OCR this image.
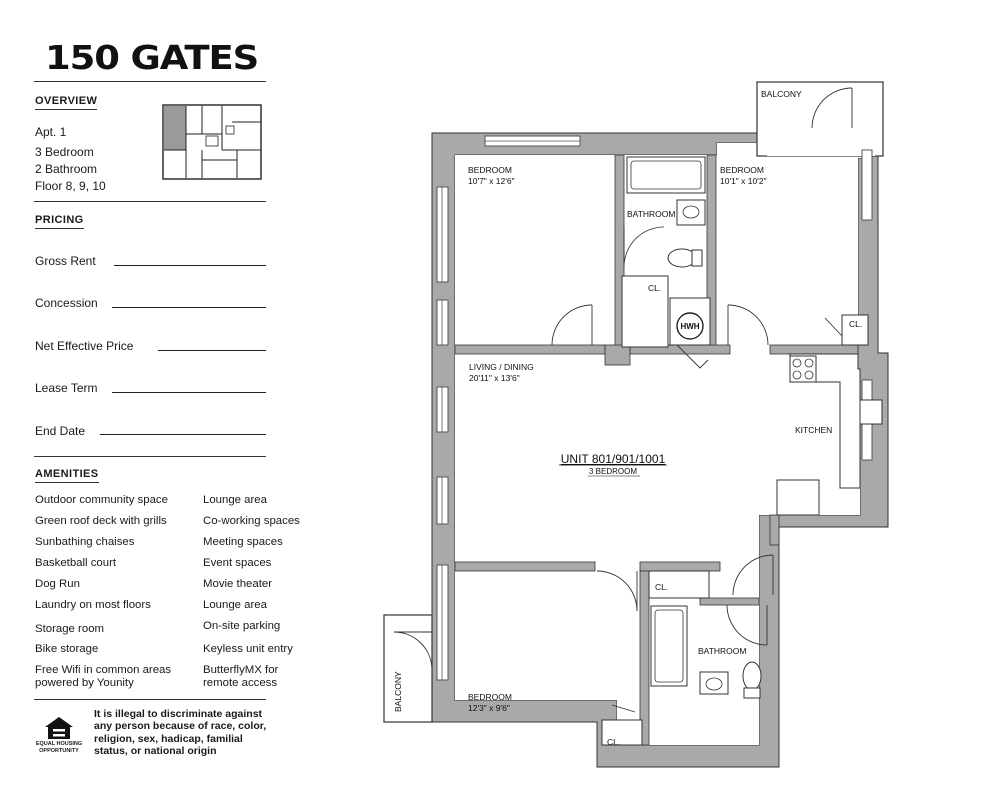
150 GATES
OVERVIEW
Apt. 1
3 Bedroom
2 Bathroom
Floor 8, 9, 10
PRICING
Gross Rent
Concession
Net Effective Price
Lease Term
End Date
AMENITIES
Outdoor community space
Green roof deck with grills
Sunbathing chaises
Basketball court
Dog Run
Laundry on most floors
Storage room
Bike storage
Free Wifi in common areas powered by Younity
Lounge area
Co-working spaces
Meeting spaces
Event spaces
Movie theater
Lounge area
On-site parking
Keyless unit entry
ButterflyMX for remote access
EQUAL HOUSING OPPORTUNITY
It is illegal to discriminate against any person because of race, color, religion, sex, hadicap, familial status, or national origin
BEDROOM
10'7" x 12'6"
BEDROOM
10'1" x 10'2"
BATHROOM
LIVING / DINING
20'11" x 13'6"
KITCHEN
BATHROOM
BEDROOM
12'3" x 9'6"
BALCONY
BALCONY
CL.
CL.
CL.
CL.
HWH
UNIT 801/901/1001
3 BEDROOM
